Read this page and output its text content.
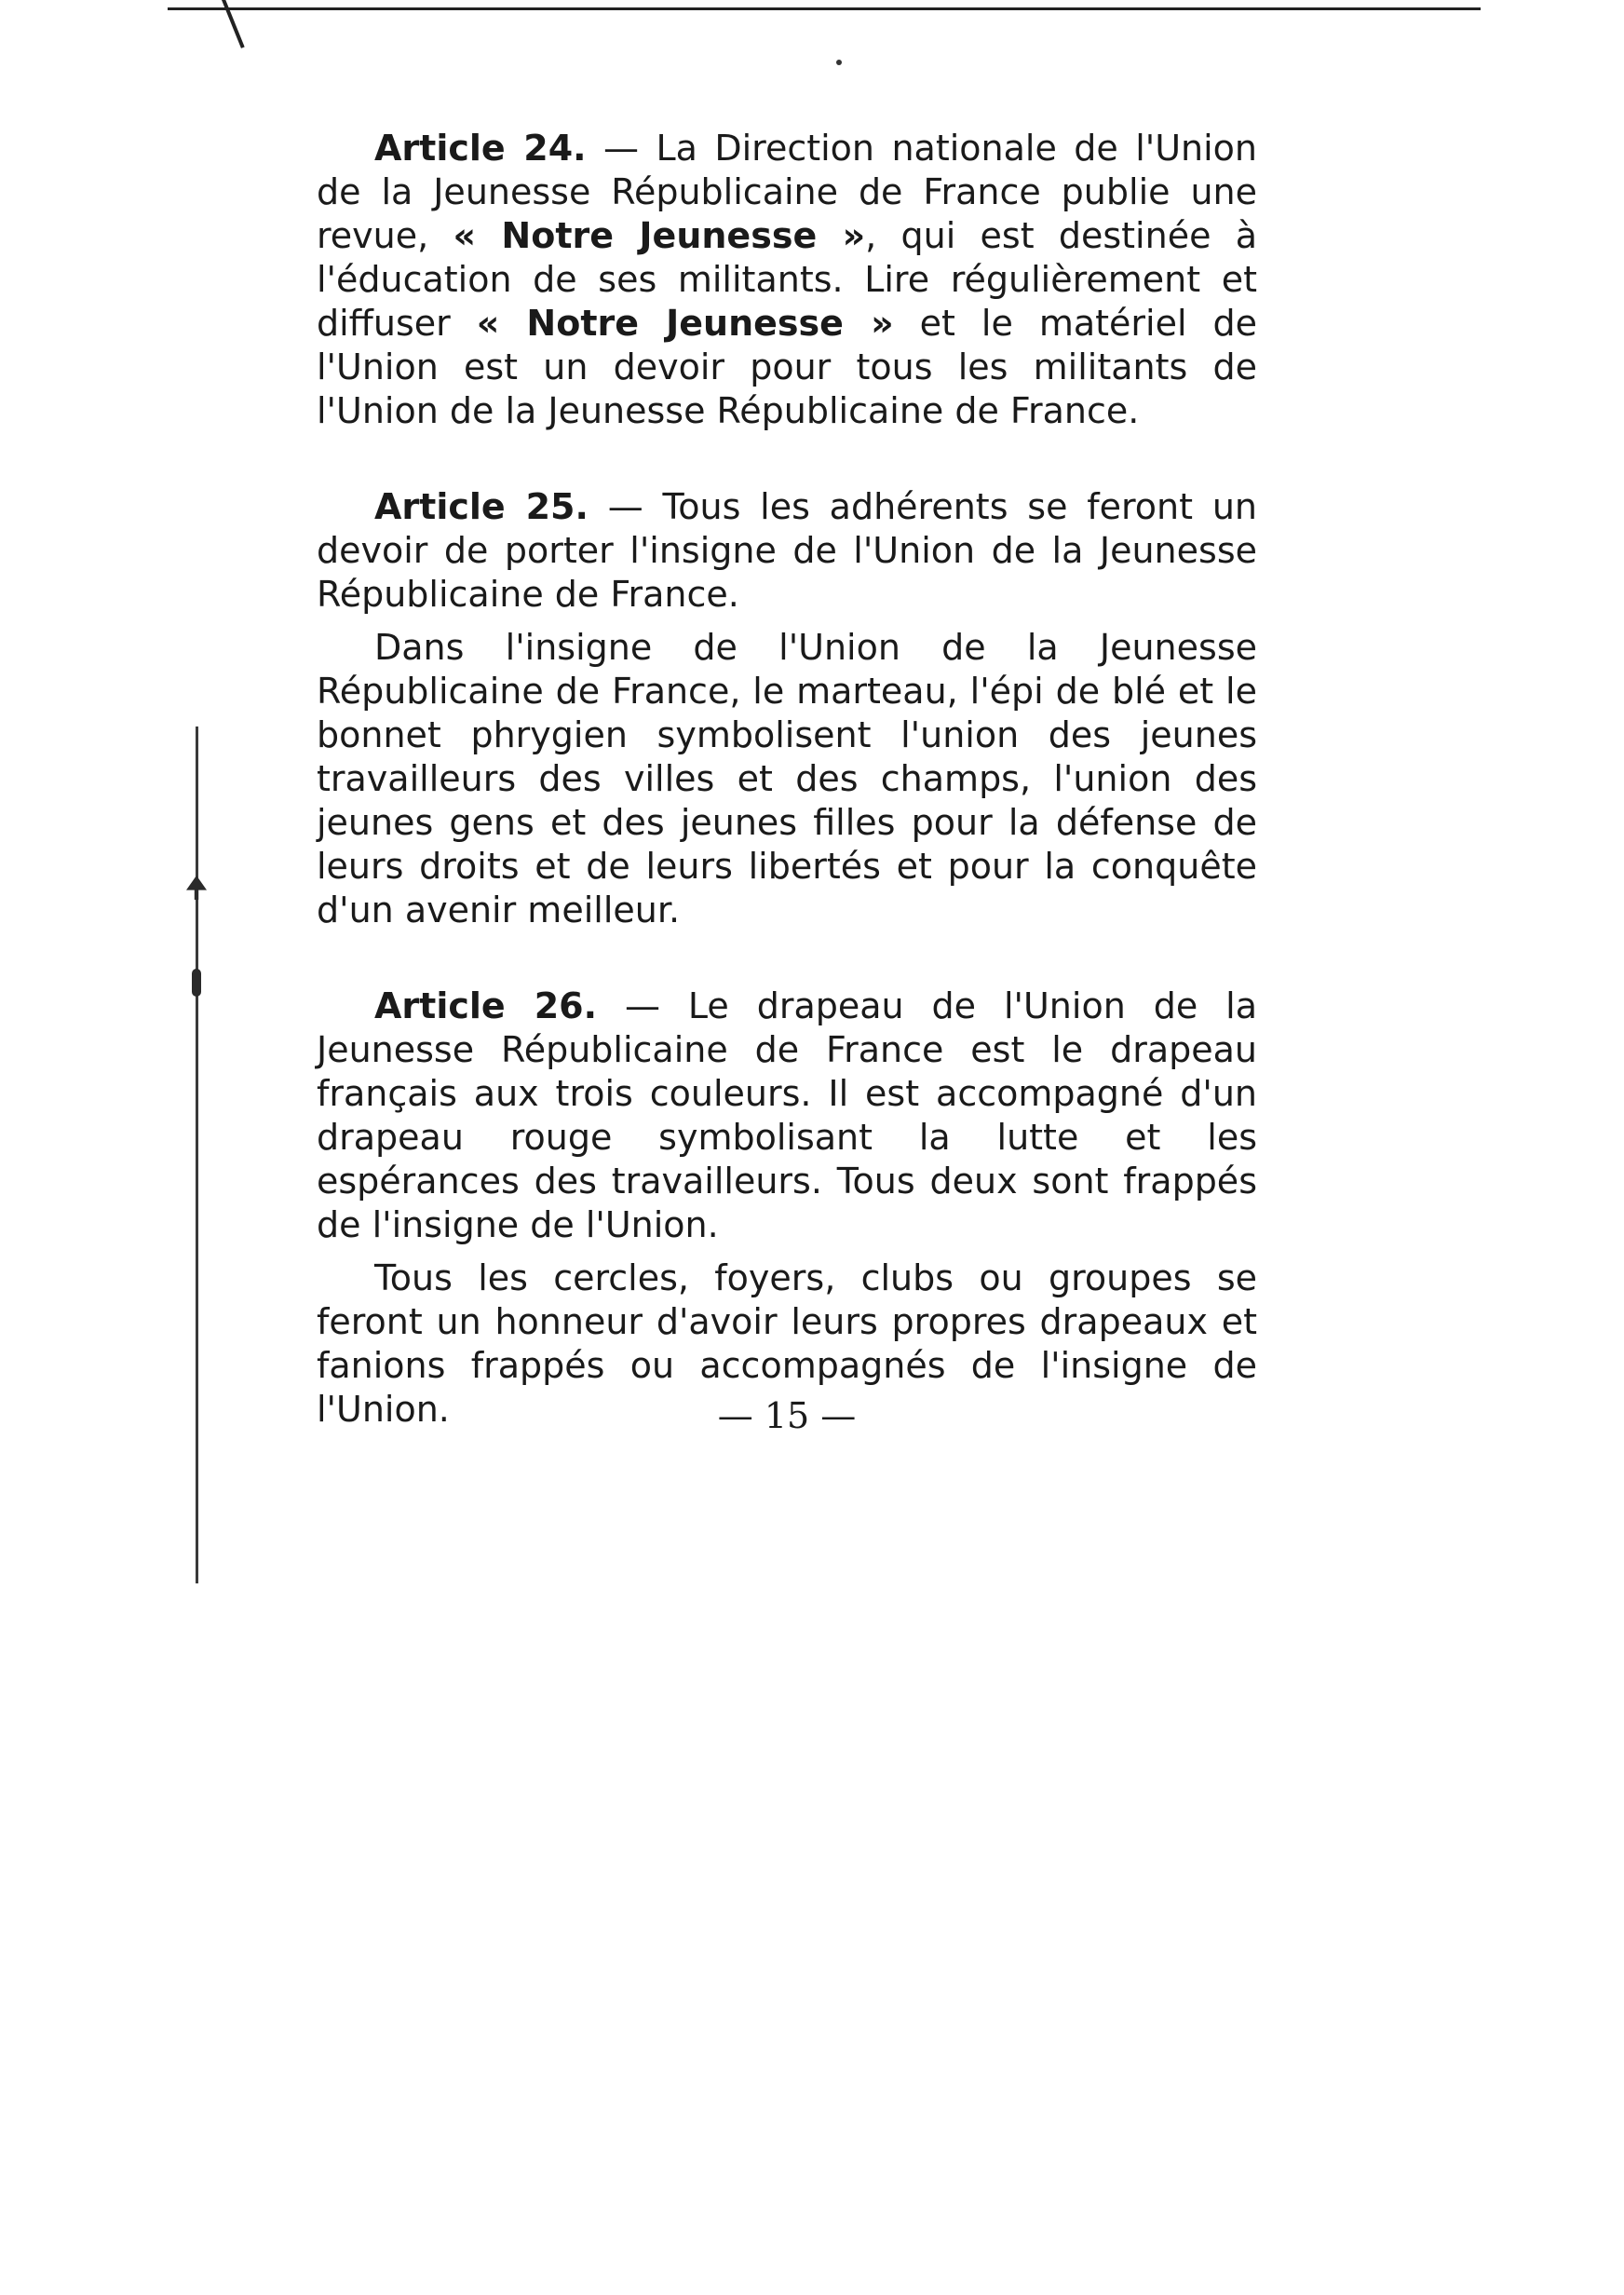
Article 24. — La Direction nationale de l'Union de la Jeunesse Républicaine de France publie une revue, « Notre Jeunesse », qui est destinée à l'éducation de ses militants. Lire régulièrement et diffuser « Notre Jeunesse » et le matériel de l'Union est un devoir pour tous les militants de l'Union de la Jeunesse Républicaine de France.

Article 25. — Tous les adhérents se feront un devoir de porter l'insigne de l'Union de la Jeunesse Républicaine de France.

Dans l'insigne de l'Union de la Jeunesse Républicaine de France, le marteau, l'épi de blé et le bonnet phrygien symbolisent l'union des jeunes travailleurs des villes et des champs, l'union des jeunes gens et des jeunes filles pour la défense de leurs droits et de leurs libertés et pour la conquête d'un avenir meilleur.

Article 26. — Le drapeau de l'Union de la Jeunesse Républicaine de France est le drapeau français aux trois couleurs. Il est accompagné d'un drapeau rouge symbolisant la lutte et les espérances des travailleurs. Tous deux sont frappés de l'insigne de l'Union.

Tous les cercles, foyers, clubs ou groupes se feront un honneur d'avoir leurs propres drapeaux et fanions frappés ou accompagnés de l'insigne de l'Union.	— 15 —
